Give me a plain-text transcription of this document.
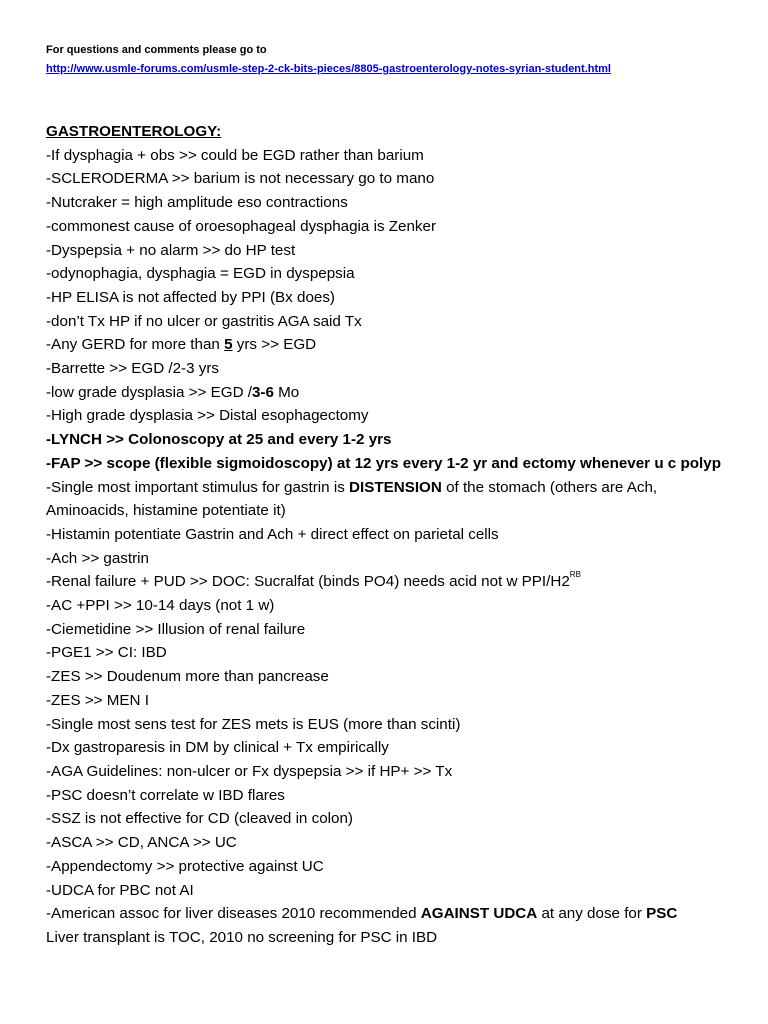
For questions and comments please go to

http://www.usmle-forums.com/usmle-step-2-ck-bits-pieces/8805-gastroenterology-notes-syrian-student.html

GASTROENTEROLOGY:

-If dysphagia + obs >> could be EGD rather than barium

-SCLERODERMA >> barium is not necessary go to mano

-Nutcraker = high amplitude eso contractions

-commonest cause of oroesophageal dysphagia is Zenker

-Dyspepsia + no alarm >> do HP test

-odynophagia, dysphagia = EGD in dyspepsia

-HP ELISA is not affected by PPI (Bx does)

-don’t Tx HP if no ulcer or gastritis AGA said Tx

-Any GERD for more than 5 yrs >> EGD

-Barrette >> EGD /2-3 yrs

-low grade dysplasia >> EGD /3-6 Mo

-High grade dysplasia >> Distal esophagectomy

-LYNCH >> Colonoscopy at 25 and every 1-2 yrs

-FAP >> scope (flexible sigmoidoscopy) at 12 yrs every 1-2 yr and ectomy whenever u c polyp

-Single most important stimulus for gastrin is DISTENSION of the stomach (others are Ach, Aminoacids, histamine potentiate it)

-Histamin potentiate Gastrin and Ach + direct effect on parietal cells

-Ach >> gastrin

-Renal failure + PUD >> DOC: Sucralfat (binds PO4) needs acid not w PPI/$H2^{RB}$

-AC +PPI >> 10-14 days (not 1 w)

-Ciemetidine >> Illusion of renal failure

-PGE1 >> CI: IBD

-ZES >> Doudenum more than pancrease

-ZES >> MEN I

-Single most sens test for ZES mets is EUS (more than scinti)

-Dx gastroparesis in DM by clinical + Tx empirically

-AGA Guidelines: non-ulcer or Fx dyspepsia >> if HP+ >> Tx

-PSC doesn’t correlate w IBD flares

-SSZ is not effective for CD (cleaved in colon)

-ASCA >> CD, ANCA >> UC

-Appendectomy >> protective against UC

-UDCA for PBC not AI

-American assoc for liver diseases 2010 recommended AGAINST UDCA at any dose for PSC

Liver transplant is TOC, 2010 no screening for PSC in IBD
